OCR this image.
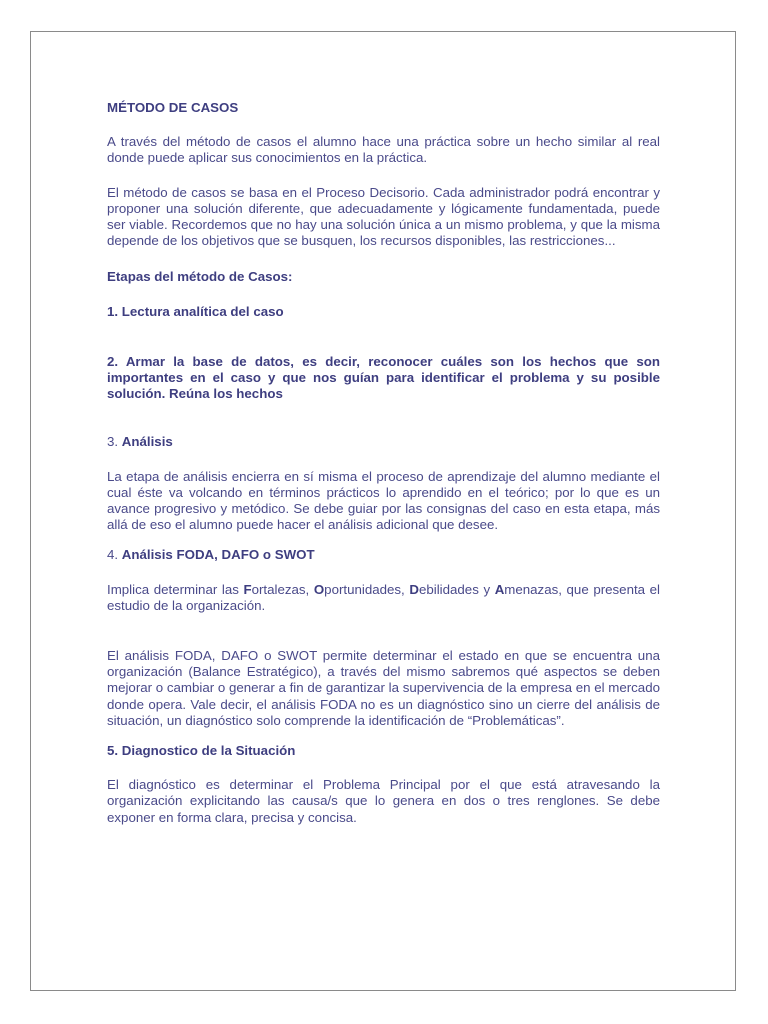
MÉTODO DE CASOS

A través del método de casos el alumno hace una práctica sobre un hecho similar al real donde puede aplicar sus conocimientos en la práctica.

El método de casos se basa en el Proceso Decisorio. Cada administrador podrá encontrar y proponer una solución diferente, que adecuadamente y lógicamente fundamentada, puede ser viable. Recordemos que no hay una solución única a un mismo problema, y que la misma depende de los objetivos que se busquen, los recursos disponibles, las restricciones...

Etapas del método de Casos:

1. Lectura analítica del caso

2. Armar la base de datos, es decir, reconocer cuáles son los hechos que son importantes en el caso y que nos guían para identificar el problema y su posible solución. Reúna los hechos

3. Análisis

La etapa de análisis encierra en sí misma el proceso de aprendizaje del alumno mediante el cual éste va volcando en términos prácticos lo aprendido en el teórico; por lo que es un avance progresivo y metódico. Se debe guiar por las consignas del caso en esta etapa, más allá de eso el alumno puede hacer el análisis adicional que desee.

4. Análisis FODA, DAFO o SWOT

Implica determinar las Fortalezas, Oportunidades, Debilidades y Amenazas, que presenta el estudio de la organización.

El análisis FODA, DAFO o SWOT permite determinar el estado en que se encuentra una organización (Balance Estratégico), a través del mismo sabremos qué aspectos se deben mejorar o cambiar o generar a fin de garantizar la supervivencia de la empresa en el mercado donde opera. Vale decir, el análisis FODA no es un diagnóstico sino un cierre del análisis de situación, un diagnóstico solo comprende la identificación de “Problemáticas”.

5. Diagnostico de la Situación

El diagnóstico es determinar el Problema Principal por el que está atravesando la organización explicitando las causa/s que lo genera en dos o tres renglones. Se debe exponer en forma clara, precisa y concisa.
